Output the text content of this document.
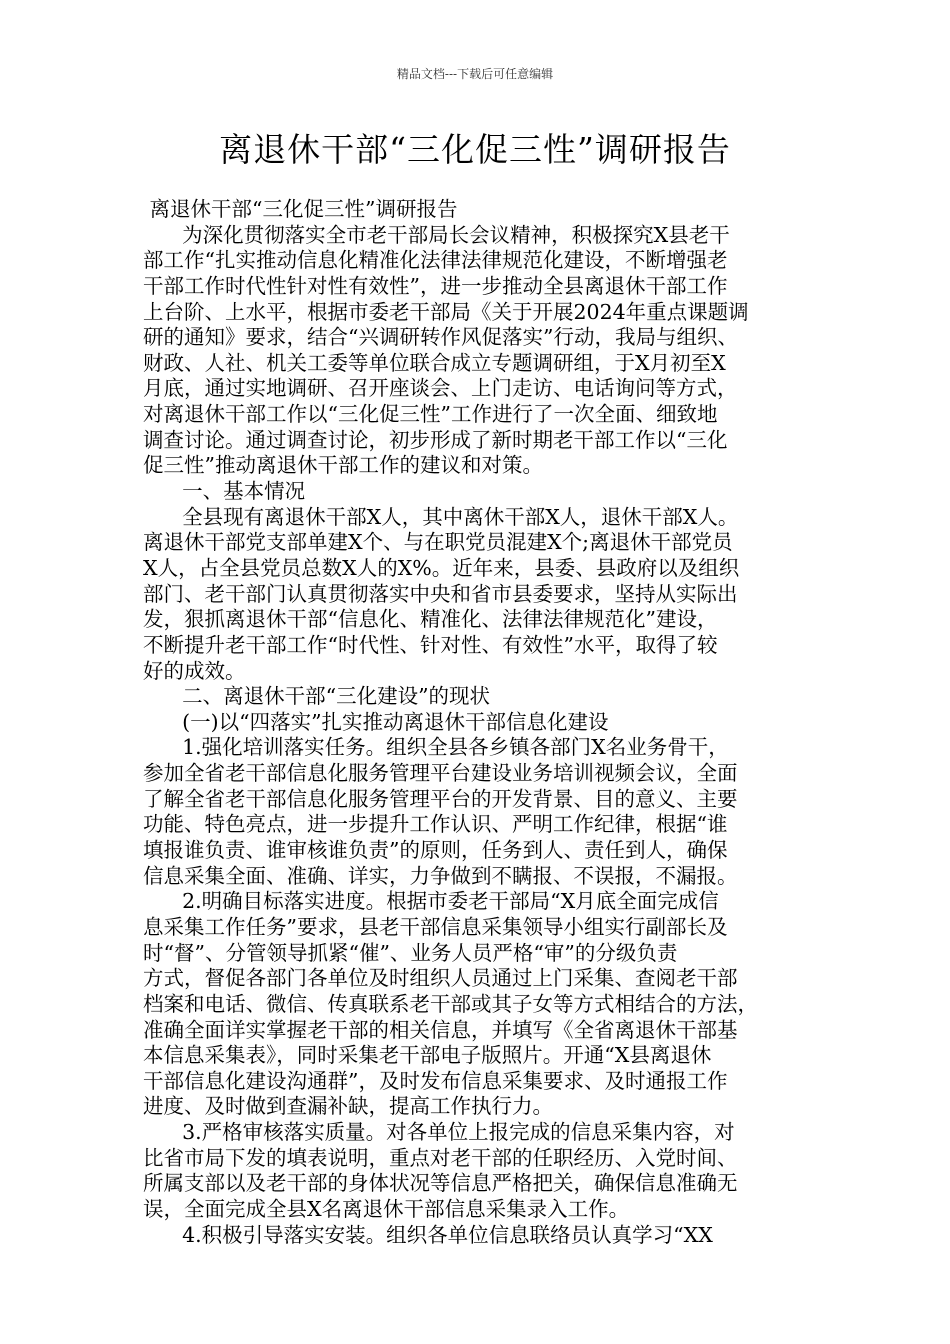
精品文档---下载后可任意编辑
离退休干部“三化促三性”调研报告
离退休干部“三化促三性”调研报告
为深化贯彻落实全市老干部局长会议精神，积极探究X县老干
部工作“扎实推动信息化精准化法律法律规范化建设，不断增强老
干部工作时代性针对性有效性”，进一步推动全县离退休干部工作
上台阶、上水平，根据市委老干部局《关于开展2024年重点课题调
研的通知》要求，结合“兴调研转作风促落实”行动，我局与组织、
财政、人社、机关工委等单位联合成立专题调研组，于X月初至X
月底，通过实地调研、召开座谈会、上门走访、电话询问等方式，
对离退休干部工作以“三化促三性”工作进行了一次全面、细致地
调查讨论。通过调查讨论，初步形成了新时期老干部工作以“三化
促三性”推动离退休干部工作的建议和对策。
一、基本情况
全县现有离退休干部X人，其中离休干部X人，退休干部X人。
离退休干部党支部单建X个、与在职党员混建X个;离退休干部党员
X人，占全县党员总数X人的X%。近年来，县委、县政府以及组织
部门、老干部门认真贯彻落实中央和省市县委要求，坚持从实际出
发，狠抓离退休干部“信息化、精准化、法律法律规范化”建设，
不断提升老干部工作“时代性、针对性、有效性”水平，取得了较
好的成效。
二、离退休干部“三化建设”的现状
(一)以“四落实”扎实推动离退休干部信息化建设
1.强化培训落实任务。组织全县各乡镇各部门X名业务骨干，
参加全省老干部信息化服务管理平台建设业务培训视频会议，全面
了解全省老干部信息化服务管理平台的开发背景、目的意义、主要
功能、特色亮点，进一步提升工作认识、严明工作纪律，根据“谁
填报谁负责、谁审核谁负责”的原则，任务到人、责任到人，确保
信息采集全面、准确、详实，力争做到不瞒报、不误报，不漏报。
2.明确目标落实进度。根据市委老干部局“X月底全面完成信
息采集工作任务”要求，县老干部信息采集领导小组实行副部长及
时“督”、分管领导抓紧“催”、业务人员严格“审”的分级负责
方式，督促各部门各单位及时组织人员通过上门采集、查阅老干部
档案和电话、微信、传真联系老干部或其子女等方式相结合的方法，
准确全面详实掌握老干部的相关信息，并填写《全省离退休干部基
本信息采集表》，同时采集老干部电子版照片。开通“X县离退休
干部信息化建设沟通群”，及时发布信息采集要求、及时通报工作
进度、及时做到查漏补缺，提高工作执行力。
3.严格审核落实质量。对各单位上报完成的信息采集内容，对
比省市局下发的填表说明，重点对老干部的任职经历、入党时间、
所属支部以及老干部的身体状况等信息严格把关，确保信息准确无
误，全面完成全县X名离退休干部信息采集录入工作。
4.积极引导落实安装。组织各单位信息联络员认真学习“XX
